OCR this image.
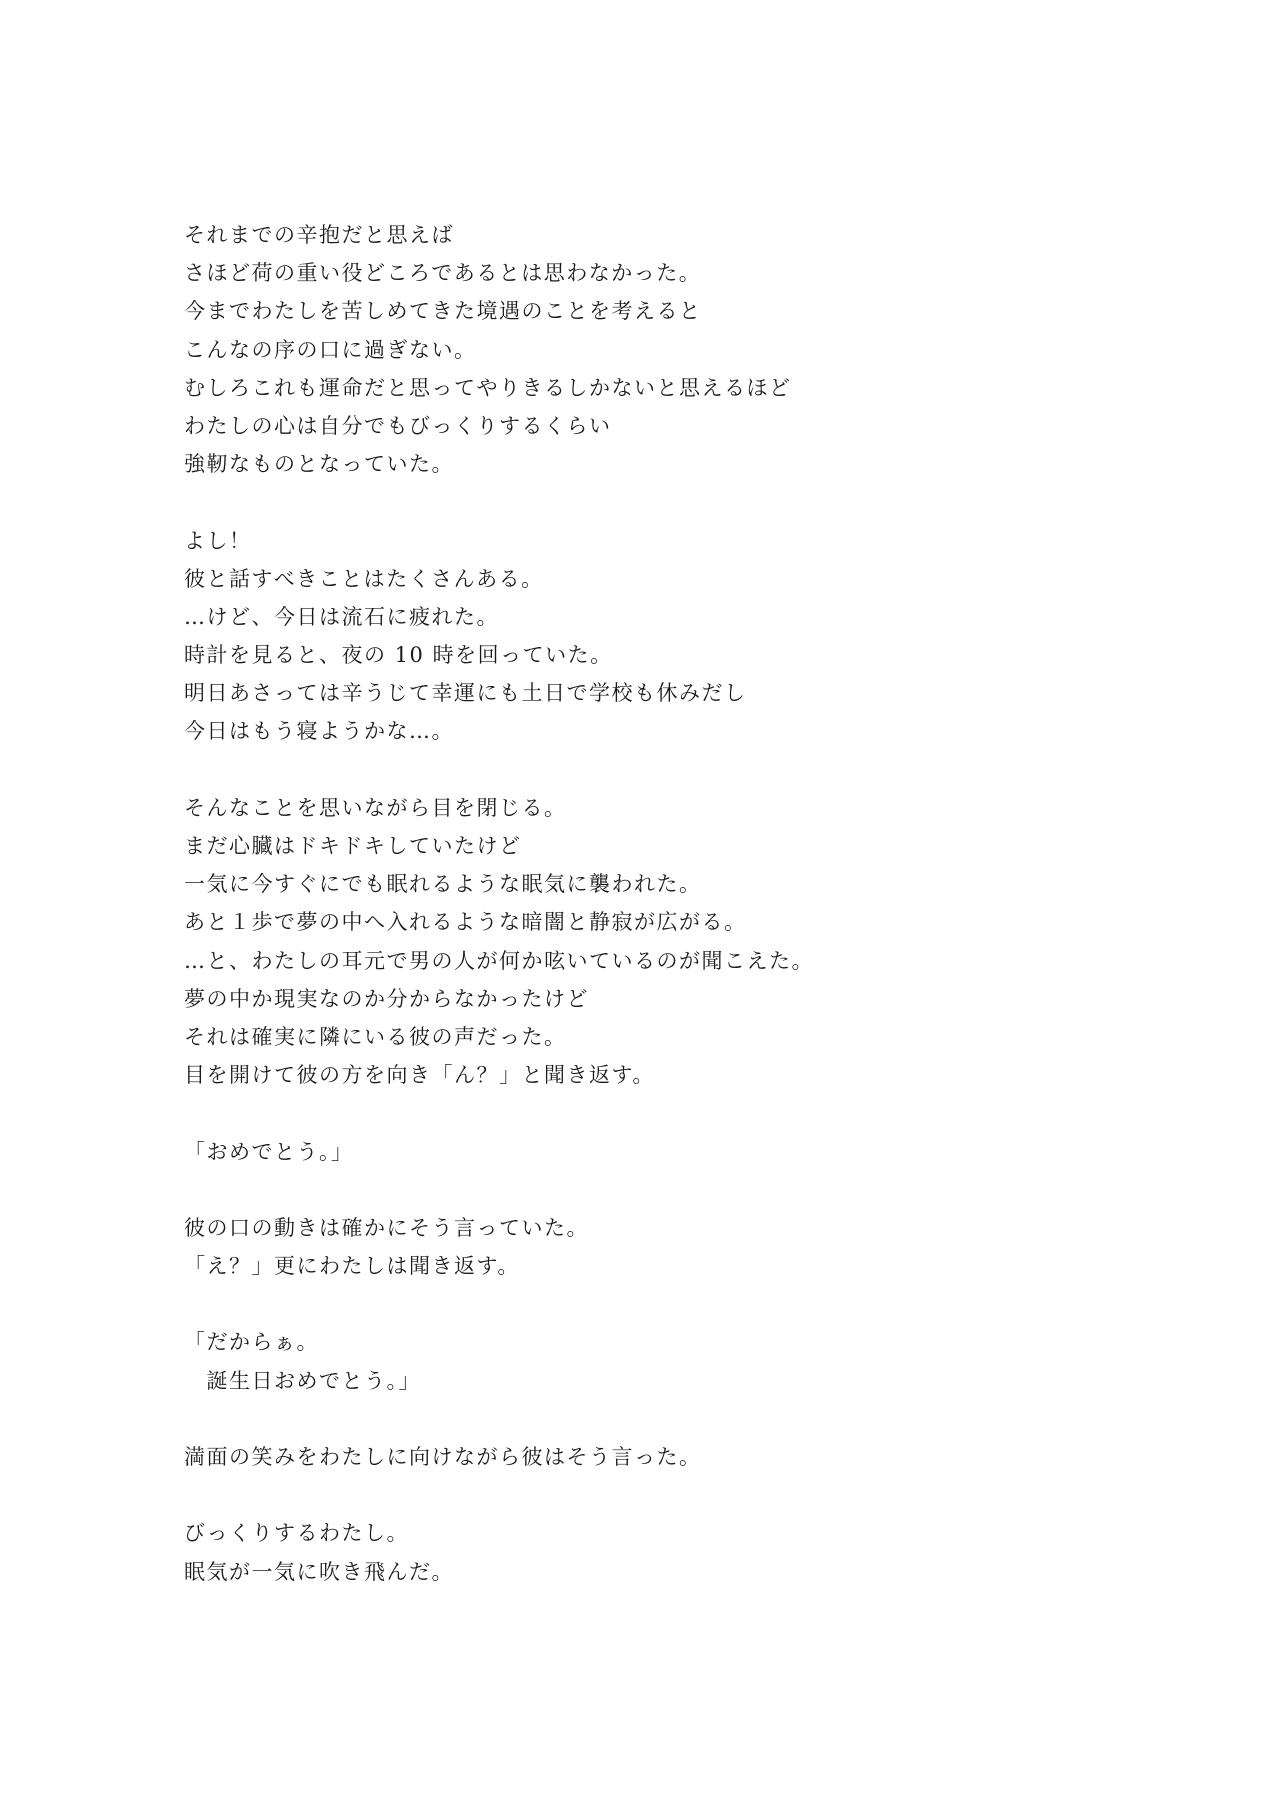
それまでの辛抱だと思えば
さほど荷の重い役どころであるとは思わなかった。
今までわたしを苦しめてきた境遇のことを考えると
こんなの序の口に過ぎない。
むしろこれも運命だと思ってやりきるしかないと思えるほど
わたしの心は自分でもびっくりするくらい
強靭なものとなっていた。
よし！
彼と話すべきことはたくさんある。
…けど、今日は流石に疲れた。
時計を見ると、夜の 10 時を回っていた。
明日あさっては辛うじて幸運にも土日で学校も休みだし
今日はもう寝ようかな…。
そんなことを思いながら目を閉じる。
まだ心臓はドキドキしていたけど
一気に今すぐにでも眠れるような眠気に襲われた。
あと１歩で夢の中へ入れるような暗闇と静寂が広がる。
…と、わたしの耳元で男の人が何か呟いているのが聞こえた。
夢の中か現実なのか分からなかったけど
それは確実に隣にいる彼の声だった。
目を開けて彼の方を向き「ん？」と聞き返す。
「おめでとう。」
彼の口の動きは確かにそう言っていた。
「え？」更にわたしは聞き返す。
「だからぁ。
　誕生日おめでとう。」
満面の笑みをわたしに向けながら彼はそう言った。
びっくりするわたし。
眠気が一気に吹き飛んだ。
